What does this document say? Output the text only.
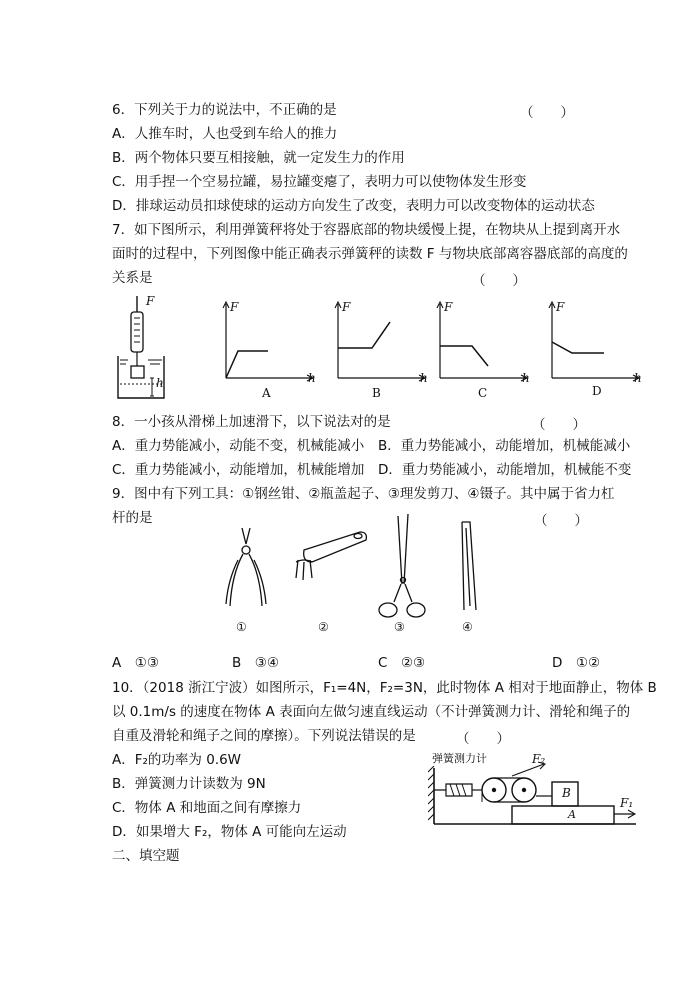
6．下列关于力的说法中，不正确的是	（　　）
A．人推车时，人也受到车给人的推力
B．两个物体只要互相接触，就一定发生力的作用
C．用手捏一个空易拉罐，易拉罐变瘪了，表明力可以使物体发生形变
D．排球运动员扣球使球的运动方向发生了改变，表明力可以改变物体的运动状态
7．如下图所示，利用弹簧秤将处于容器底部的物块缓慢上提，在物块从上提到离开水
面时的过程中，下列图像中能正确表示弹簧秤的读数 F 与物块底部离容器底部的高度的
关系是	（　　）
F
h
F
h
A
F
h
B
F
h
C
F
h
D
8．一小孩从滑梯上加速滑下，以下说法对的是	（　　）
A．重力势能减小，动能不变，机械能减小 B．重力势能减小，动能增加，机械能减小
C．重力势能减小，动能增加，机械能增加 D．重力势能减小，动能增加，机械能不变
9．图中有下列工具：①钢丝钳、②瓶盖起子、③理发剪刀、④镊子。其中属于省力杠
杆的是	（　　）
①	②	③	④
A　①③	B　③④	C　②③	D　①②
10．（2018 浙江宁波）如图所示，F₁=4N，F₂=3N，此时物体 A 相对于地面静止，物体 B
以 0.1m/s 的速度在物体 A 表面向左做匀速直线运动（不计弹簧测力计、滑轮和绳子的
自重及滑轮和绳子之间的摩擦）。下列说法错误的是	（　　）
A．F₂的功率为 0.6W
B．弹簧测力计读数为 9N
C．物体 A 和地面之间有摩擦力
D．如果增大 F₂，物体 A 可能向左运动
弹簧测力计	F₂
B
A
F₁
二、填空题
